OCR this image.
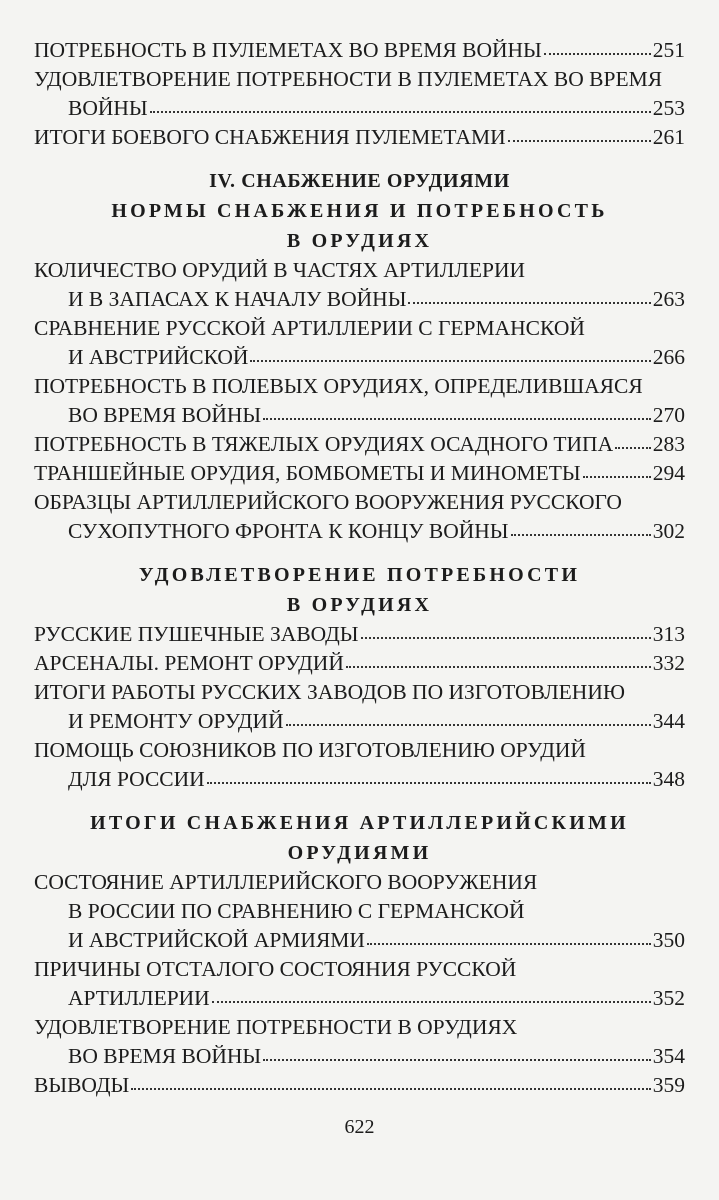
ПОТРЕБНОСТЬ В ПУЛЕМЕТАХ ВО ВРЕМЯ ВОЙНЫ	251
УДОВЛЕТВОРЕНИЕ ПОТРЕБНОСТИ В ПУЛЕМЕТАХ ВО ВРЕМЯ
ВОЙНЫ	253
ИТОГИ БОЕВОГО СНАБЖЕНИЯ ПУЛЕМЕТАМИ	261
IV. СНАБЖЕНИЕ ОРУДИЯМИ
НОРМЫ СНАБЖЕНИЯ И ПОТРЕБНОСТЬ
В ОРУДИЯХ
КОЛИЧЕСТВО ОРУДИЙ В ЧАСТЯХ АРТИЛЛЕРИИ
И В ЗАПАСАХ К НАЧАЛУ ВОЙНЫ	263
СРАВНЕНИЕ РУССКОЙ АРТИЛЛЕРИИ С ГЕРМАНСКОЙ
И АВСТРИЙСКОЙ	266
ПОТРЕБНОСТЬ В ПОЛЕВЫХ ОРУДИЯХ, ОПРЕДЕЛИВШАЯСЯ
ВО ВРЕМЯ ВОЙНЫ	270
ПОТРЕБНОСТЬ В ТЯЖЕЛЫХ ОРУДИЯХ ОСАДНОГО ТИПА 283
ТРАНШЕЙНЫЕ ОРУДИЯ, БОМБОМЕТЫ И МИНОМЕТЫ	294
ОБРАЗЦЫ АРТИЛЛЕРИЙСКОГО ВООРУЖЕНИЯ РУССКОГО
СУХОПУТНОГО ФРОНТА К КОНЦУ ВОЙНЫ	302
УДОВЛЕТВОРЕНИЕ ПОТРЕБНОСТИ
В ОРУДИЯХ
РУССКИЕ ПУШЕЧНЫЕ ЗАВОДЫ	313
АРСЕНАЛЫ. РЕМОНТ ОРУДИЙ	332
ИТОГИ РАБОТЫ РУССКИХ ЗАВОДОВ ПО ИЗГОТОВЛЕНИЮ
И РЕМОНТУ ОРУДИЙ	344
ПОМОЩЬ СОЮЗНИКОВ ПО ИЗГОТОВЛЕНИЮ ОРУДИЙ
ДЛЯ РОССИИ	348
ИТОГИ СНАБЖЕНИЯ АРТИЛЛЕРИЙСКИМИ
ОРУДИЯМИ
СОСТОЯНИЕ АРТИЛЛЕРИЙСКОГО ВООРУЖЕНИЯ
В РОССИИ ПО СРАВНЕНИЮ С ГЕРМАНСКОЙ
И АВСТРИЙСКОЙ АРМИЯМИ	350
ПРИЧИНЫ ОТСТАЛОГО СОСТОЯНИЯ РУССКОЙ
АРТИЛЛЕРИИ	352
УДОВЛЕТВОРЕНИЕ ПОТРЕБНОСТИ В ОРУДИЯХ
ВО ВРЕМЯ ВОЙНЫ	354
ВЫВОДЫ	359
622
